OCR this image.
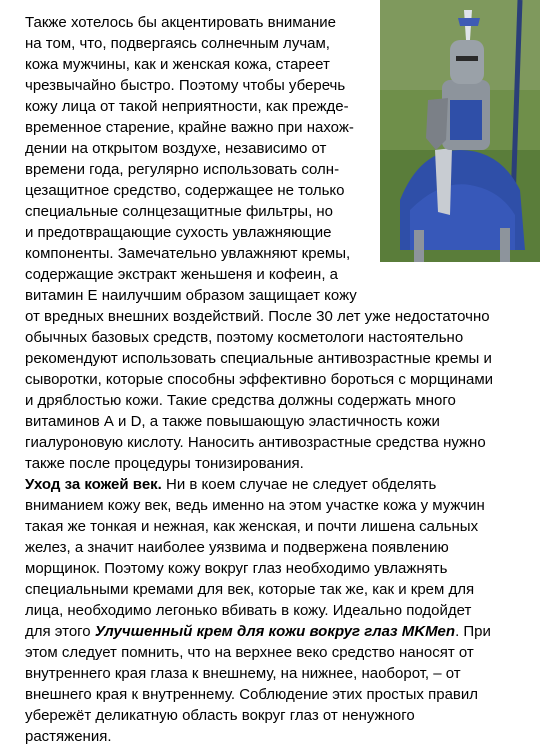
Также хотелось бы акцентировать внимание
на том, что, подвергаясь солнечным лучам,
кожа мужчины, как и женская кожа, стареет
чрезвычайно быстро. Поэтому чтобы уберечь
кожу лица от такой неприятности, как прежде-
временное старение, крайне важно при нахож-
дении на открытом воздухе, независимо от
времени года, регулярно использовать солн-
цезащитное средство, содержащее не только
специальные солнцезащитные фильтры, но
и предотвращающие сухость увлажняющие
компоненты. Замечательно увлажняют кремы,
содержащие экстракт женьшеня и кофеин, а
витамин Е наилучшим образом защищает кожу
от вредных внешних воздействий. После 30 лет уже недостаточно
обычных базовых средств, поэтому косметологи настоятельно
рекомендуют использовать специальные антивозрастные кремы и
сыворотки, которые способны эффективно бороться с морщинами
и дряблостью кожи. Такие средства должны содержать много
витаминов А и D, а также повышающую эластичность кожи
гиалуроновую кислоту. Наносить антивозрастные средства нужно
также после процедуры тонизирования.
Уход за кожей век. Ни в коем случае не следует обделять
вниманием кожу век, ведь именно на этом участке кожа у мужчин
такая же тонкая и нежная, как женская, и почти лишена сальных
желез, а значит наиболее уязвима и подвержена появлению
морщинок. Поэтому кожу вокруг глаз необходимо увлажнять
специальными кремами для век, которые так же, как и крем для
лица, необходимо легонько вбивать в кожу. Идеально подойдет
для этого Улучшенный крем для кожи вокруг глаз MKMen. При
этом следует помнить, что на верхнее веко средство наносят от
внутреннего края глаза к внешнему, на нижнее, наоборот, – от
внешнего края к внутреннему. Соблюдение этих простых правил
убережёт деликатную область вокруг глаз от ненужного
растяжения.
